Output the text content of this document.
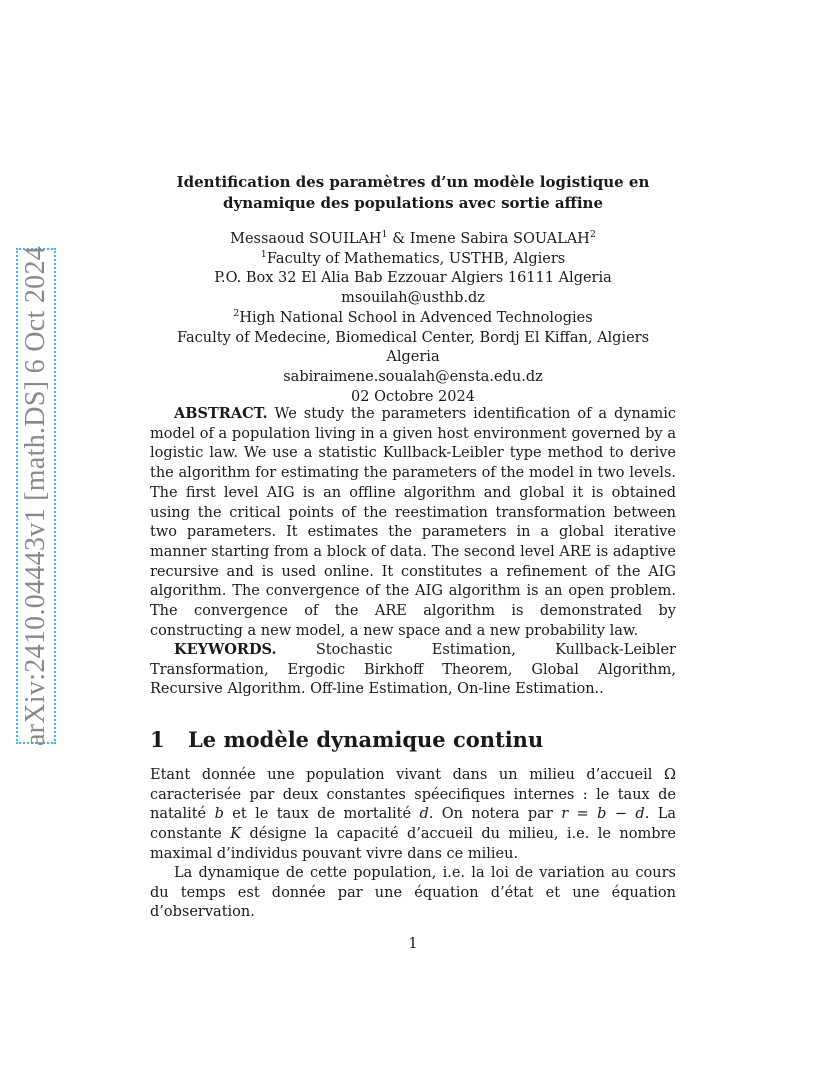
arXiv:2410.04443v1 [math.DS] 6 Oct 2024
Identification des paramètres d’un modèle logistique en
dynamique des populations avec sortie affine
Messaoud SOUILAH$^1$ & Imene Sabira SOUALAH$^2$
$^1$Faculty of Mathematics, USTHB, Algiers
P.O. Box 32 El Alia Bab Ezzouar Algiers 16111 Algeria
msouilah@usthb.dz
$^2$High National School in Advenced Technologies
Faculty of Medecine, Biomedical Center, Bordj El Kiffan, Algiers Algeria
sabiraimene.soualah@ensta.edu.dz
02 Octobre 2024
ABSTRACT. We study the parameters identification of a dynamic model of a population living in a given host environment governed by a logistic law. We use a statistic Kullback-Leibler type method to derive the algorithm for estimating the parameters of the model in two levels. The first level AIG is an offline algorithm and global it is obtained using the critical points of the reestimation transformation between two parameters. It estimates the parameters in a global iterative manner starting from a block of data. The second level ARE is adaptive recursive and is used online. It constitutes a refinement of the AIG algorithm. The convergence of the AIG algorithm is an open problem. The convergence of the ARE algorithm is demonstrated by constructing a new model, a new space and a new probability law.
KEYWORDS. Stochastic Estimation, Kullback-Leibler Transformation, Ergodic Birkhoff Theorem, Global Algorithm, Recursive Algorithm. Off-line Estimation, On-line Estimation..
1 Le modèle dynamique continu
Etant donnée une population vivant dans un milieu d’accueil Ω caracterisée par deux constantes spéecifiques internes : le taux de natalité b et le taux de mortalité d. On notera par r = b − d. La constante K désigne la capacité d’accueil du milieu, i.e. le nombre maximal d’individus pouvant vivre dans ce milieu.
La dynamique de cette population, i.e. la loi de variation au cours du temps est donnée par une équation d’état et une équation d’observation.
1
